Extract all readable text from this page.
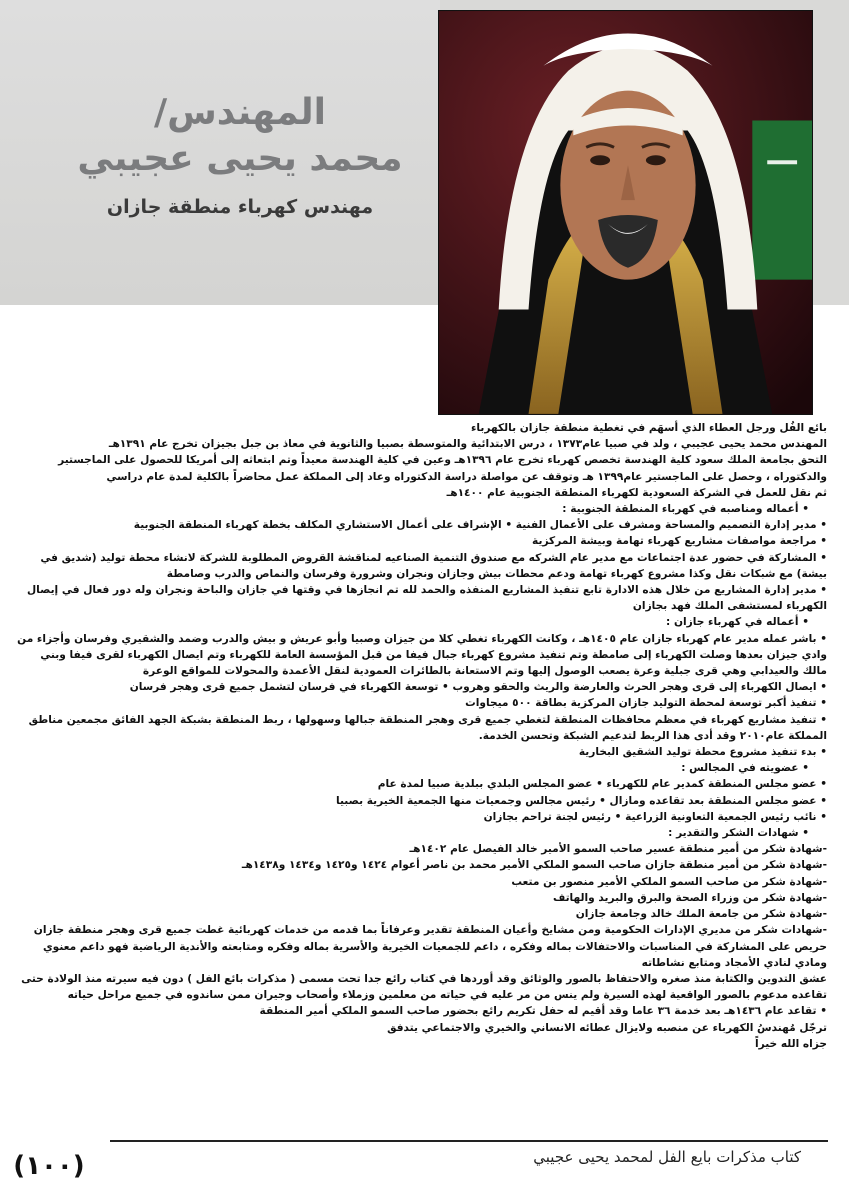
المهندس/
محمد يحيى عجيبي
مهندس كهرباء منطقة جازان

بائع الفُل ورجل العطاء الذي أسهَم في تغطية منطقة جازان بالكهرباء

المهندس محمد يحيى عجيبي ، ولد في صبيا عام١٣٧٣ ، درس الابتدائية والمتوسطة بصبيا والثانوية في معاذ بن جبل بجيزان تخرج عام ١٣٩١هـ

التحق بجامعة الملك سعود كلية الهندسة تخصص كهرباء تخرج عام ١٣٩٦هـ وعين في كلية الهندسة معيداً وتم ابتعاثه إلى أمريكا للحصول على الماجستير والدكتوراه ، وحصل على الماجستير عام١٣٩٩ هـ وتوقف عن مواصلة دراسة الدكتوراه وعاد إلى المملكة عمل محاضراً بالكلية لمدة عام دراسي

ثم نقل للعمل في الشركة السعودية لكهرباء المنطقة الجنوبية عام ١٤٠٠هـ

• أعماله ومناصبه في كهرباء المنطقة الجنوبية :

• مدير إدارة التصميم والمساحة ومشرف على الأعمال الفنية • الإشراف على أعمال الاستشاري المكلف بخطة كهرباء المنطقة الجنوبية

• مراجعة مواصفات مشاريع كهرباء تهامة وبيشة المركزية

• المشاركة في حضور عدة اجتماعات مع مدير عام الشركه مع صندوق التنمية الصناعيه لمناقشة القروض المطلوبة للشركة لانشاء محطة توليد (شديق في بيشة) مع شبكات نقل وكذا مشروع كهرباء تهامة ودعم محطات بيش وجازان ونجران وشرورة وفرسان والنماص والدرب وصامطة

• مدير إدارة المشاريع من خلال هذه الادارة تابع تنفيذ المشاريع المنفذه والحمد لله تم انجازها في وقتها في جازان والباحة ونجران وله دور فعال في إيصال الكهرباء لمستشفى الملك فهد بجازان

• أعماله في كهرباء جازان :

• باشر عمله مدير عام كهرباء جازان عام ١٤٠٥هـ ، وكانت الكهرباء تغطي كلا من جيزان وصبيا وأبو عريش و بيش والدرب وضمد والشقيري وفرسان وأجزاء من وادي جيزان بعدها وصلت الكهرباء إلى صامطة وتم تنفيذ مشروع كهرباء جبال فيفا من قبل المؤسسة العامة للكهرباء وتم ايصال الكهرباء لقرى فيفا وبني مالك والعيدابي وهي قرى جبلية وعرة يصعب الوصول إليها وتم الاستعانة بالطائرات العمودية لنقل الأعمدة والمحولات للمواقع الوعرة

• ايصال الكهرباء إلى قرى وهجر الحرث والعارضة والريث والحقو وهروب • توسعة الكهرباء في فرسان لتشمل جميع قرى وهجر فرسان

• تنفيذ أكبر توسعة لمحطة التوليد جازان المركزية بطاقة ٥٠٠ ميجاوات

• تنفيذ مشاريع كهرباء في معظم محافظات المنطقة لتغطي جميع قرى وهجر المنطقة جبالها وسهولها ، ربط المنطقة بشبكة الجهد الفائق مجمعين مناطق المملكة عام٢٠١٠ وقد أدى هذا الربط لتدعيم الشبكة وتحسن الخدمة.

• بدء تنفيذ مشروع محطة توليد الشقيق البخارية

• عضويته في المجالس :

• عضو مجلس المنطقة كمدير عام للكهرباء • عضو المجلس البلدي ببلدية صبيا لمدة عام

• عضو مجلس المنطقة بعد تقاعده ومازال • رئيس مجالس وجمعيات منها الجمعية الخيرية بصبيا

• نائب رئيس الجمعية التعاونية الزراعية • رئيس لجنة تراحم بجازان

• شهادات الشكر والتقدير :

-شهادة شكر من أمير منطقة عسير صاحب السمو الأمير خالد الفيصل عام ١٤٠٢هـ

-شهادة شكر من أمير منطقة جازان صاحب السمو الملكي الأمير محمد بن ناصر أعوام ١٤٢٤ و١٤٢٥ و١٤٣٤ و١٤٣٨هـ

-شهادة شكر من صاحب السمو الملكي الأمير منصور بن متعب

-شهادة شكر من وزراء الصحة والبرق والبريد والهاتف

-شهادة شكر من جامعة الملك خالد وجامعة جازان

-شهادات شكر من مديري الإدارات الحكومية ومن مشايخ وأعيان المنطقة تقدير وعرفاناً بما قدمه من خدمات كهربائية غطت جميع قرى وهجر منطقة جازان حريص على المشاركة في المناسبات والاحتفالات بماله وفكره ، داعم للجمعيات الخيرية والأسرية بماله وفكره ومتابعته والأندية الرياضية فهو داعم معنوي ومادي لنادي الأمجاد ومتابع نشاطاته

عشق التدوين والكتابة منذ صغره والاحتفاظ بالصور والوثائق وقد أوردها في كتاب رائع جدا تحت مسمى ( مذكرات بائع الفل ) دون فيه سيرته منذ الولادة حتى تقاعده مدعوم بالصور الواقعية لهذه السيرة ولم ينس من مر عليه في حياته من معلمين وزملاء وأصحاب وجيران ممن ساندوه في جميع مراحل حياته

• تقاعد عام ١٤٣٦هـ بعد خدمة ٣٦ عاما وقد أقيم له حفل تكريم رائع بحضور صاحب السمو الملكي أمير المنطقة

ترجّل مُهندسُ الكهرباء عن منصبه ولايزال عطائه الانساني والخيري والاجتماعي يتدفق

جزاه الله خيراً

كتاب مذكرات بايع الفل لمحمد يحيى عجيبي
(١٠٠)
